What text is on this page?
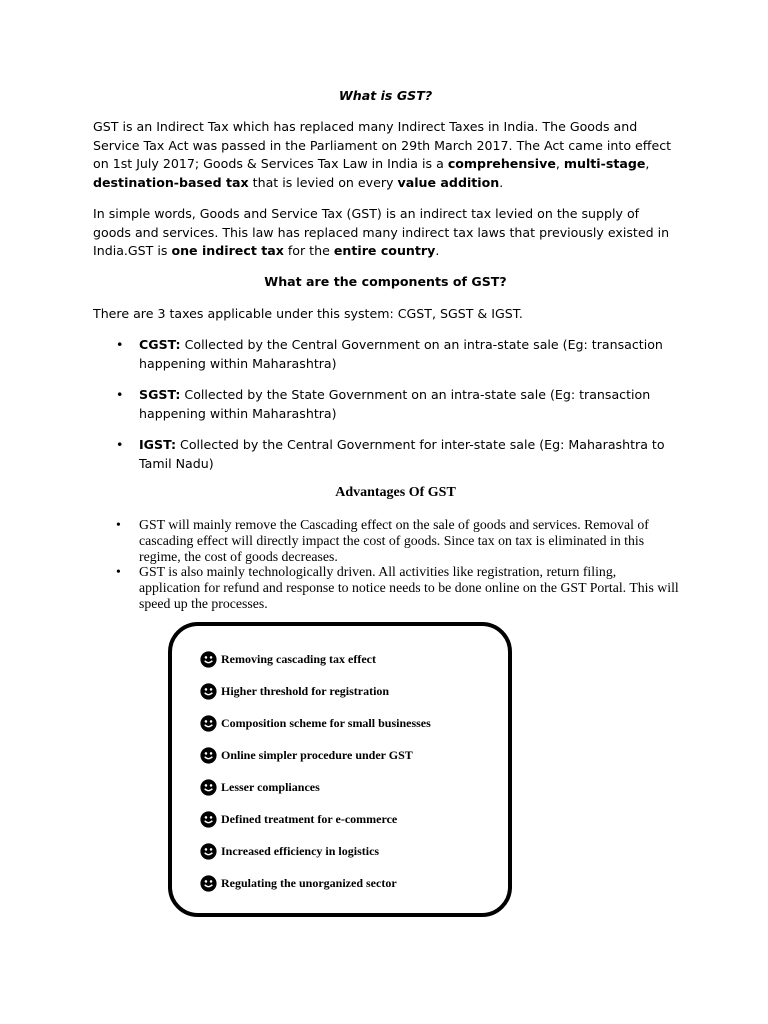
What is GST?

GST is an Indirect Tax which has replaced many Indirect Taxes in India. The Goods and Service Tax Act was passed in the Parliament on 29th March 2017. The Act came into effect on 1st July 2017; Goods & Services Tax Law in India is a comprehensive, multi-stage, destination-based tax that is levied on every value addition.

In simple words, Goods and Service Tax (GST) is an indirect tax levied on the supply of goods and services. This law has replaced many indirect tax laws that previously existed in India.GST is one indirect tax for the entire country.

What are the components of GST?

There are 3 taxes applicable under this system: CGST, SGST & IGST.

• CGST: Collected by the Central Government on an intra-state sale (Eg: transaction happening within Maharashtra)
• SGST: Collected by the State Government on an intra-state sale (Eg: transaction happening within Maharashtra)
• IGST: Collected by the Central Government for inter-state sale (Eg: Maharashtra to Tamil Nadu)
Advantages Of GST
•	GST will mainly remove the Cascading effect on the sale of goods and services. Removal of cascading effect will directly impact the cost of goods. Since tax on tax is eliminated in this regime, the cost of goods decreases.
•	GST is also mainly technologically driven. All activities like registration, return filing, application for refund and response to notice needs to be done online on the GST Portal. This will speed up the processes.
Removing cascading tax effect
Higher threshold for registration
Composition scheme for small businesses
Online simpler procedure under GST
Lesser compliances
Defined treatment for e-commerce
Increased efficiency in logistics
Regulating the unorganized sector
